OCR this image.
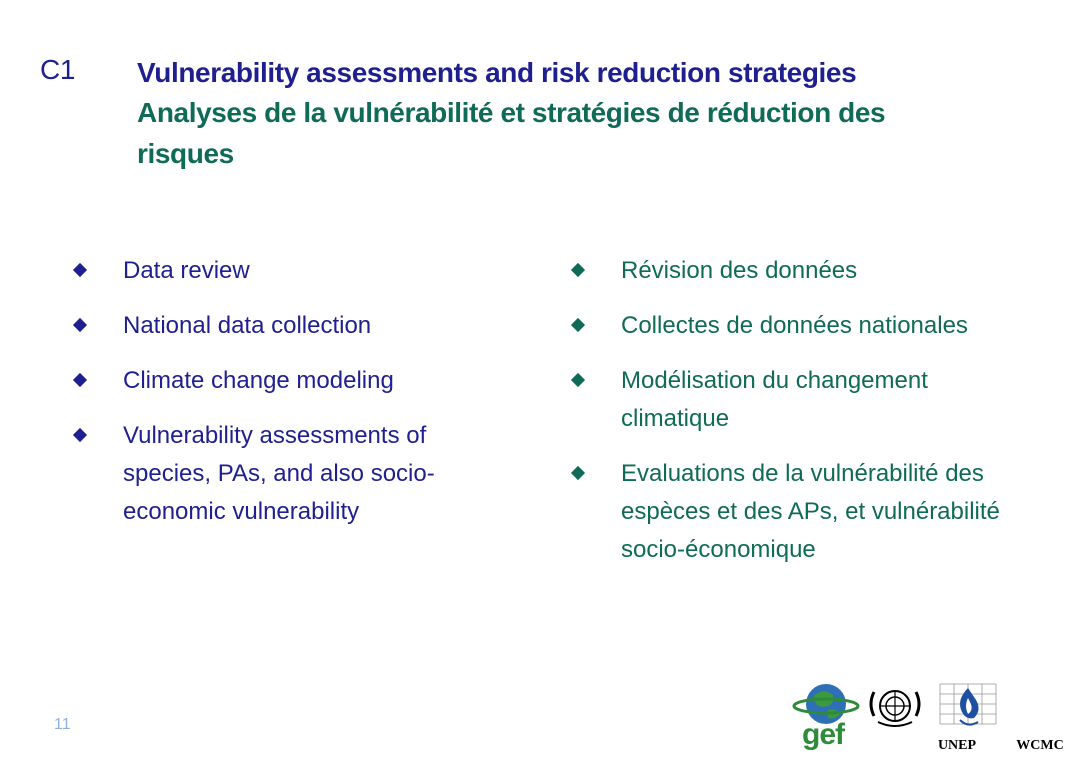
C1 Vulnerability assessments and risk reduction strategies
Analyses de la vulnérabilité et stratégies de réduction des risques
Data review
National data collection
Climate change modeling
Vulnerability assessments of species, PAs, and also socio-economic vulnerability
Révision des données
Collectes de données nationales
Modélisation du changement climatique
Evaluations de la vulnérabilité des espèces et des APs, et vulnérabilité socio-économique
11	gef	UNEP	WCMC
